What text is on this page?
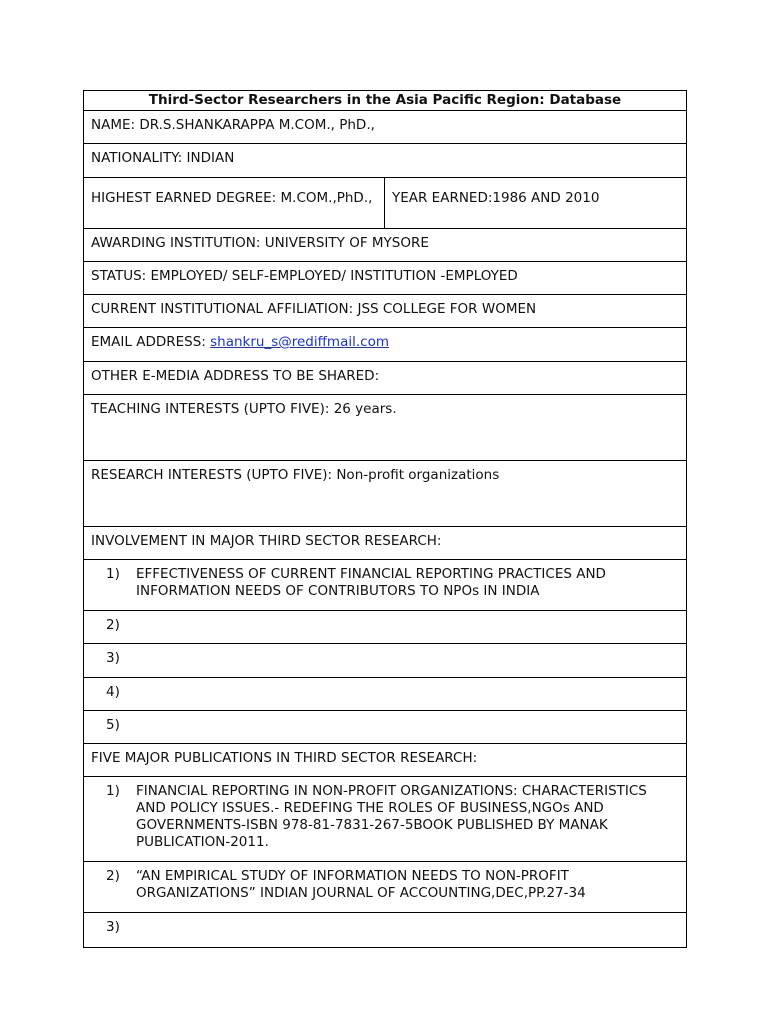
Third-Sector Researchers in the Asia Pacific Region: Database
NAME: DR.S.SHANKARAPPA M.COM., PhD.,
NATIONALITY: INDIAN
HIGHEST EARNED DEGREE: M.COM.,PhD.,	YEAR EARNED:1986 AND 2010
AWARDING INSTITUTION: UNIVERSITY OF MYSORE
STATUS: EMPLOYED/ SELF-EMPLOYED/ INSTITUTION -EMPLOYED
CURRENT INSTITUTIONAL AFFILIATION: JSS COLLEGE FOR WOMEN
EMAIL ADDRESS: shankru_s@rediffmail.com
OTHER E-MEDIA ADDRESS TO BE SHARED:
TEACHING INTERESTS (UPTO FIVE): 26 years.
RESEARCH INTERESTS (UPTO FIVE): Non-profit organizations
INVOLVEMENT IN MAJOR THIRD SECTOR RESEARCH:
1)	EFFECTIVENESS OF CURRENT FINANCIAL REPORTING PRACTICES AND INFORMATION NEEDS OF CONTRIBUTORS TO NPOs IN INDIA
2)
3)
4)
5)
FIVE MAJOR PUBLICATIONS IN THIRD SECTOR RESEARCH:
1)	FINANCIAL REPORTING IN NON-PROFIT ORGANIZATIONS: CHARACTERISTICS AND POLICY ISSUES.- REDEFING THE ROLES OF BUSINESS,NGOs AND GOVERNMENTS-ISBN 978-81-7831-267-5BOOK PUBLISHED BY MANAK PUBLICATION-2011.
2)	“AN EMPIRICAL STUDY OF INFORMATION NEEDS TO NON-PROFIT ORGANIZATIONS” INDIAN JOURNAL OF ACCOUNTING,DEC,PP.27-34
3)
